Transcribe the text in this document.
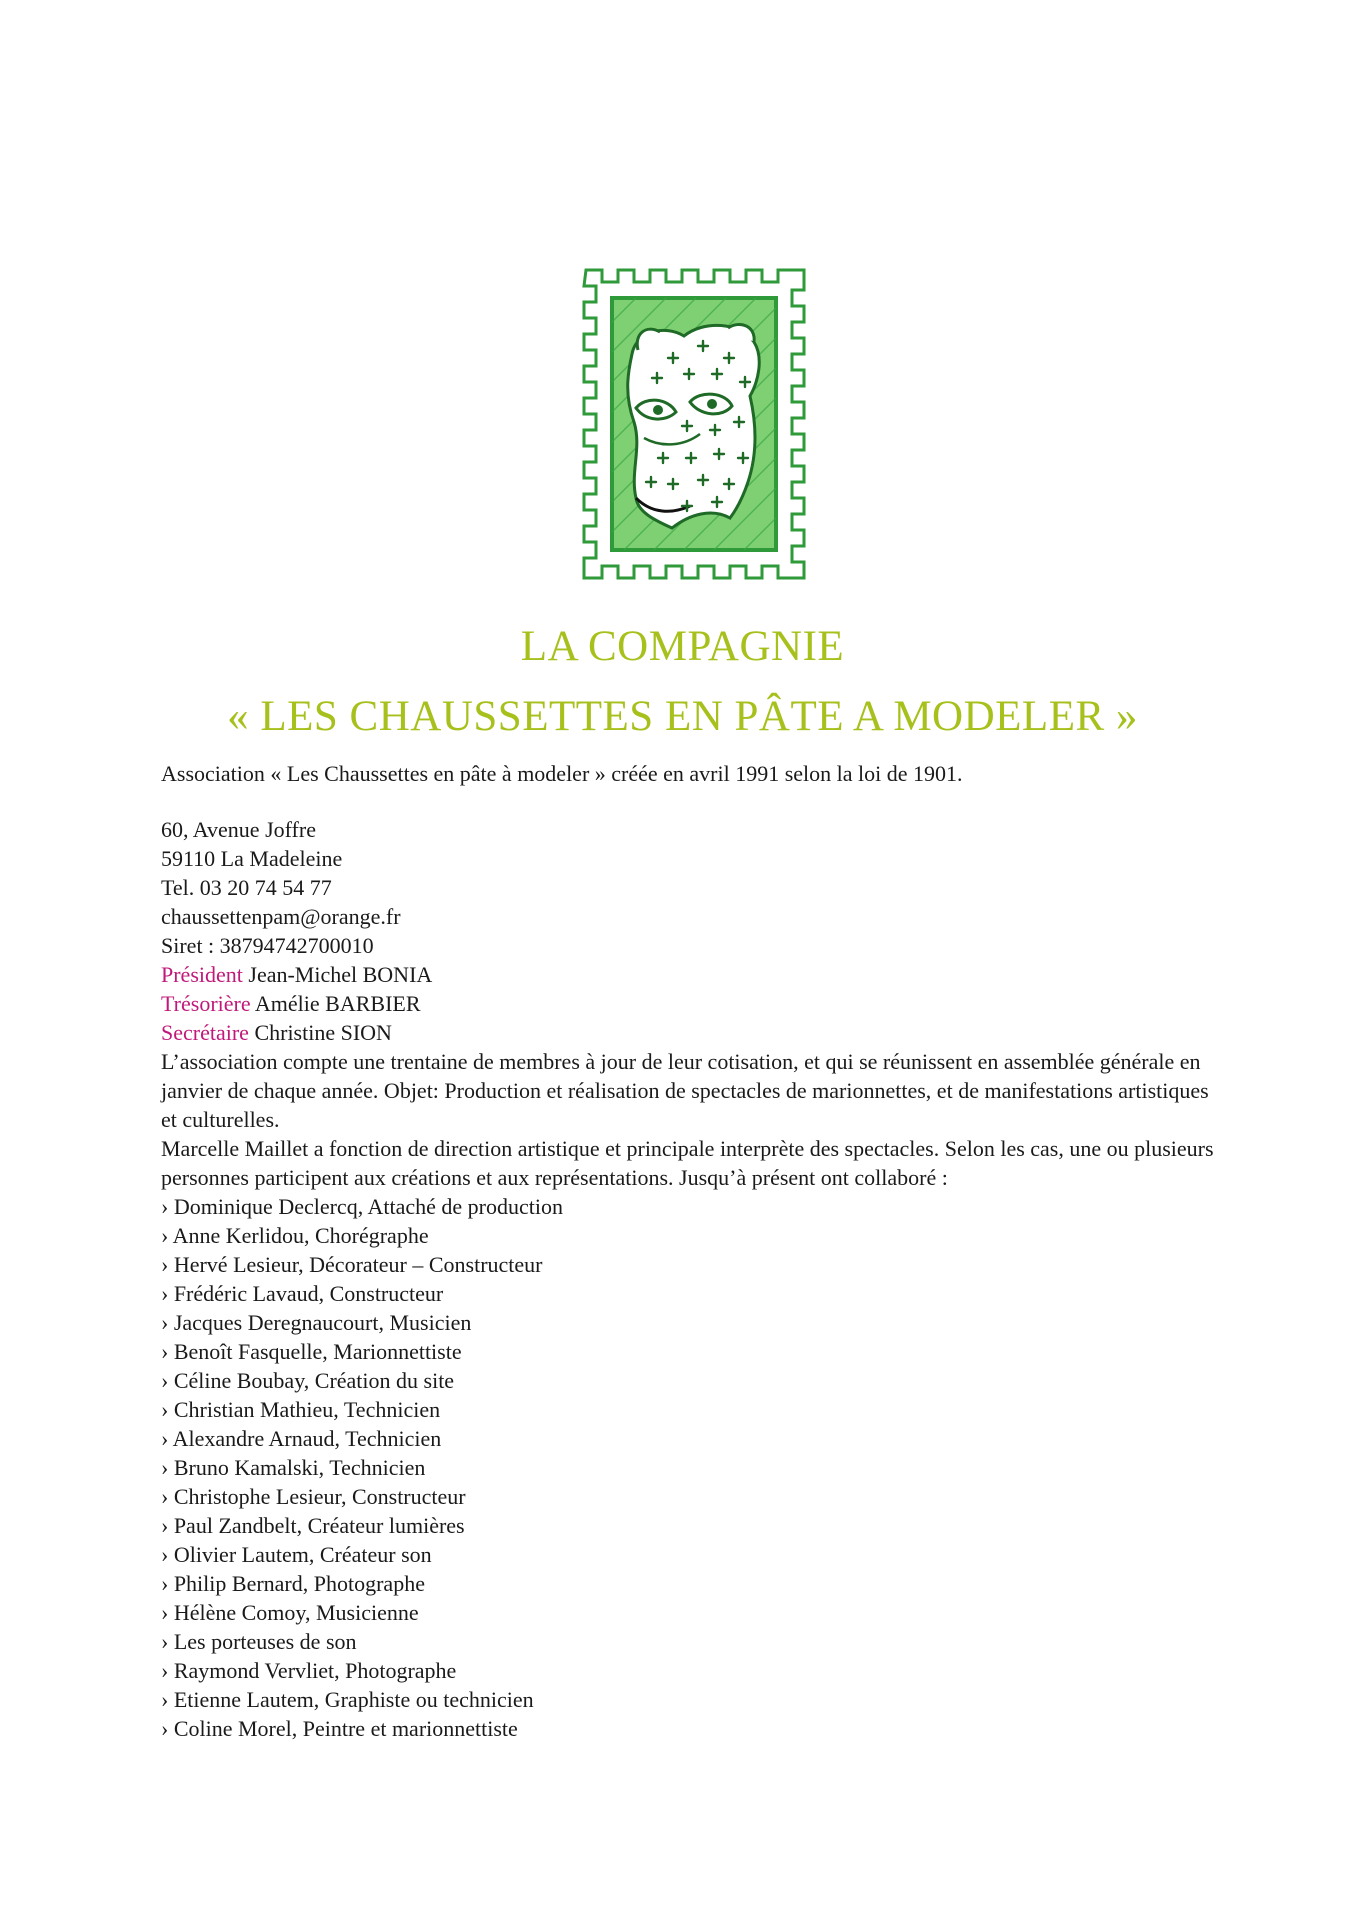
LA COMPAGNIE
« LES CHAUSSETTES EN PÂTE A MODELER »

Association « Les Chaussettes en pâte à modeler » créée en avril 1991 selon la loi de 1901.

60, Avenue Joffre

59110 La Madeleine

Tel. 03 20 74 54 77

chaussettenpam@orange.fr

Siret : 38794742700010

Président Jean-Michel BONIA

Trésorière Amélie BARBIER

Secrétaire Christine SION

L’association compte une trentaine de membres à jour de leur cotisation, et qui se réunissent en assemblée générale en janvier de chaque année. Objet: Production et réalisation de spectacles de marionnettes, et de manifestations artistiques et culturelles.

Marcelle Maillet a fonction de direction artistique et principale interprète des spectacles. Selon les cas, une ou plusieurs personnes participent aux créations et aux représentations. Jusqu’à présent ont collaboré :

› Dominique Declercq, Attaché de production
› Anne Kerlidou, Chorégraphe
› Hervé Lesieur, Décorateur – Constructeur
› Frédéric Lavaud, Constructeur
› Jacques Deregnaucourt, Musicien
› Benoît Fasquelle, Marionnettiste
› Céline Boubay, Création du site
› Christian Mathieu, Technicien
› Alexandre Arnaud, Technicien
› Bruno Kamalski, Technicien
› Christophe Lesieur, Constructeur
› Paul Zandbelt, Créateur lumières
› Olivier Lautem, Créateur son
› Philip Bernard, Photographe
› Hélène Comoy, Musicienne
› Les porteuses de son
› Raymond Vervliet, Photographe
› Etienne Lautem, Graphiste ou technicien
› Coline Morel, Peintre et marionnettiste
